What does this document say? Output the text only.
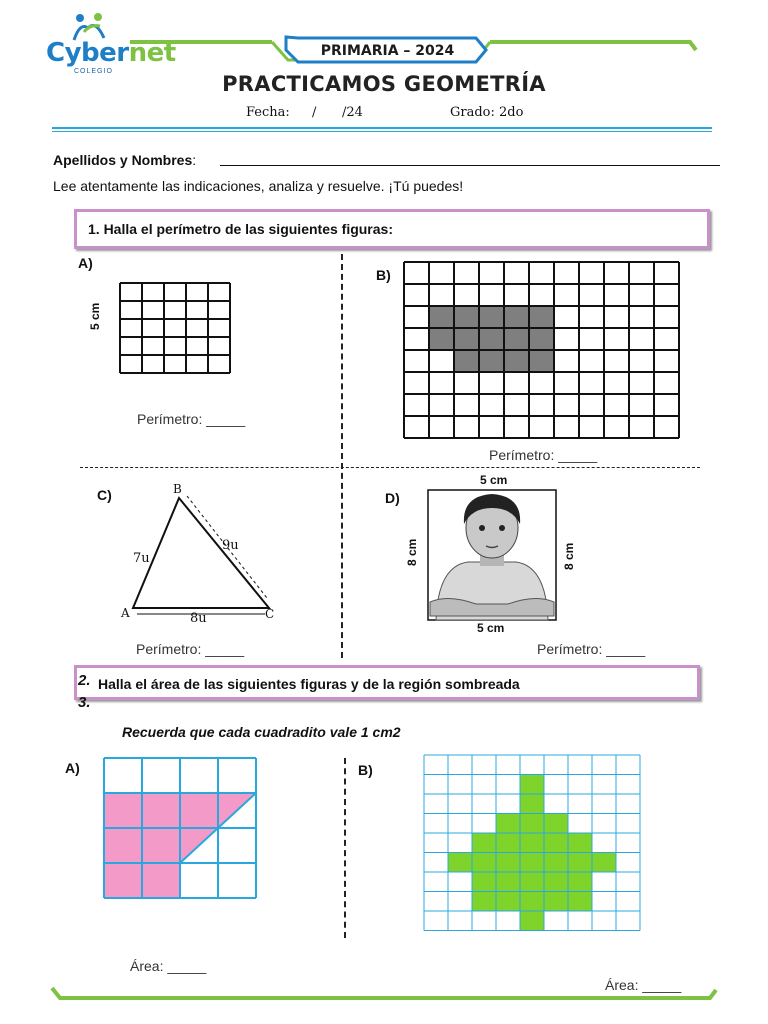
Cybernet
COLEGIO
PRIMARIA – 2024
PRACTICAMOS GEOMETRÍA
Fecha: / /24	Grado: 2do
Apellidos y Nombres:
Lee atentamente las indicaciones, analiza y resuelve. ¡Tú puedes!
1. Halla el perímetro de las siguientes figuras:
A)
5 cm
Perímetro: _____
B)
Perímetro: _____
C)	B
A	C
7u
9u
8u
Perímetro: _____
D)
5 cm
5 cm
8 cm	8 cm
Perímetro: _____
2. Halla el área de las siguientes figuras y de la región sombreada
3.
Recuerda que cada cuadradito vale 1 cm2
A)
Área: _____
B)
Área: _____
